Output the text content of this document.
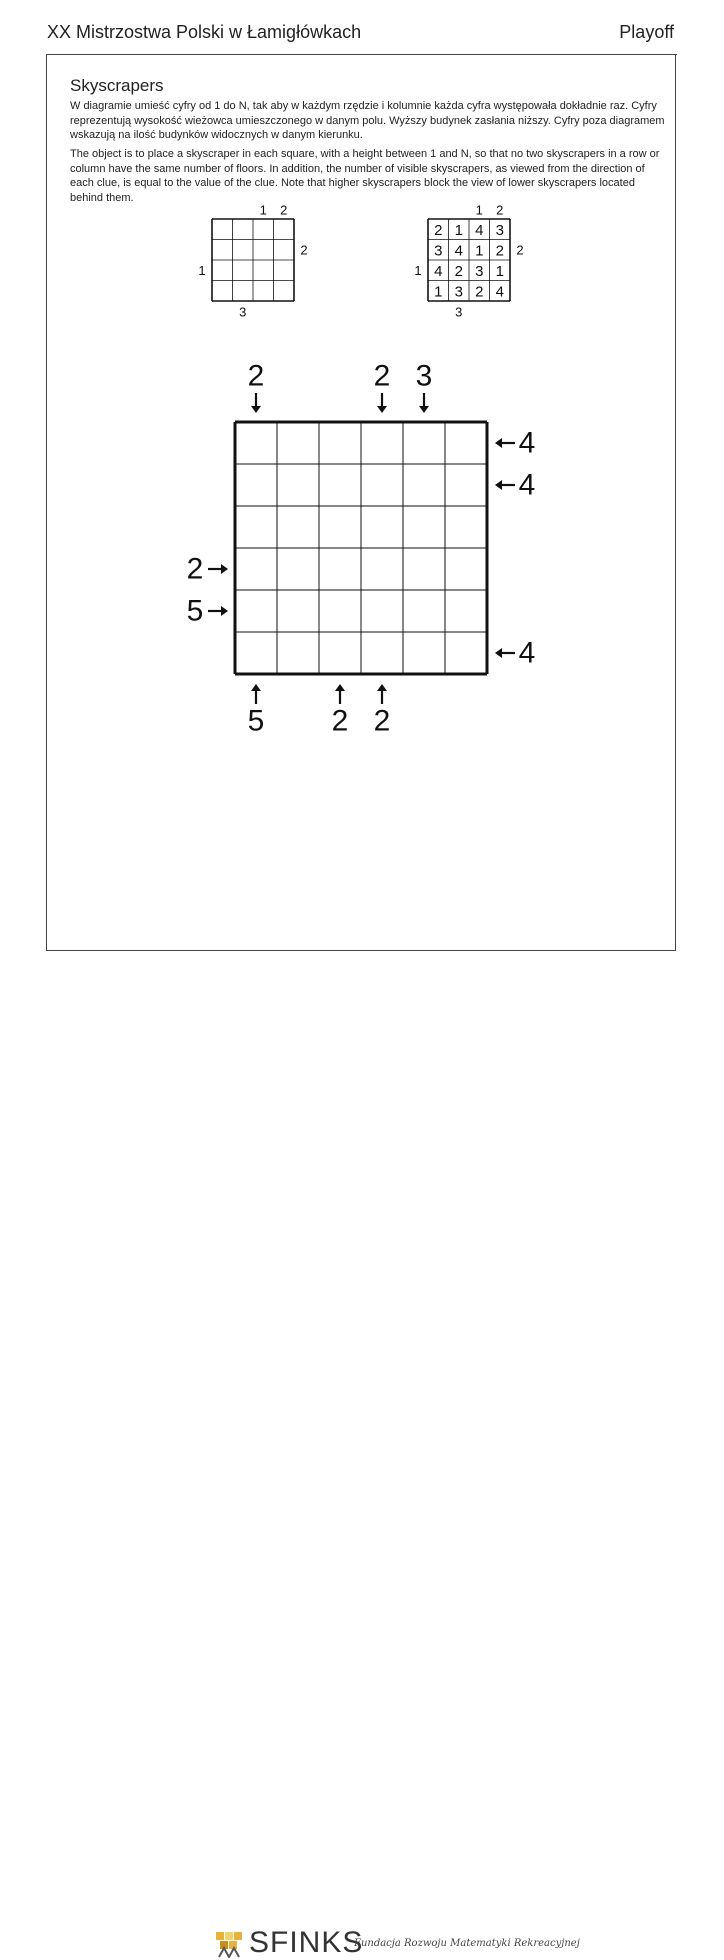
XX Mistrzostwa Polski w Łamigłówkach	Playoff
Skyscrapers

W diagramie umieść cyfry od 1 do N, tak aby w każdym rzędzie i kolumnie każda cyfra występowała dokładnie raz. Cyfry reprezentują wysokość wieżowca umieszczonego w danym polu. Wyższy budynek zasłania niższy. Cyfry poza diagramem wskazują na ilość budynków widocznych w danym kierunku.

The object is to place a skyscraper in each square, with a height between 1 and N, so that no two skyscrapers in a row or column have the same number of floors. In addition, the number of visible skyscrapers, as viewed from the direction of each clue, is equal to the value of the clue. Note that higher skyscrapers block the view of lower skyscrapers located behind them.

1 2
3
1
2
1 2
3
1
2
2 1 4 3
3 4 1 2
4 2 3 1
1 3 2 4
2	2 3
5 2 2
2
5
4
4
4
SFINKS
Fundacja Rozwoju Matematyki Rekreacyjnej
